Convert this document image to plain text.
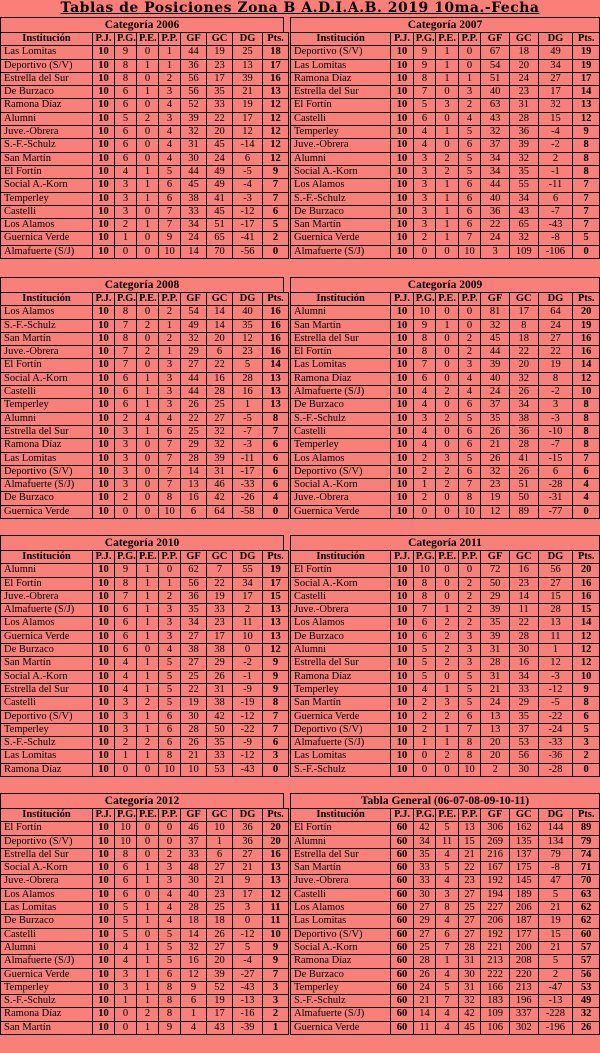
Tablas de Posiciones Zona B A.D.I.A.B. 2019 10ma.-Fecha
Categoría 2006
Institución	P.J.	P.G.	P.E.	P.P.	GF	GC	DG	Pts.
Las Lomitas	10	9	0	1	44	19	25	18
Deportivo (S/V)	10	8	1	1	36	23	13	17
Estrella del Sur	10	8	0	2	56	17	39	16
De Burzaco	10	6	1	3	56	35	21	13
Ramona Díaz	10	6	0	4	52	33	19	12
Alumni	10	5	2	3	39	22	17	12
Juve.-Obrera	10	6	0	4	32	20	12	12
S.-F.-Schulz	10	6	0	4	31	45	-14	12
San Martín	10	6	0	4	30	24	6	12
El Fortín	10	4	1	5	44	49	-5	9
Social A.-Korn	10	3	1	6	45	49	-4	7
Temperley	10	3	1	6	38	41	-3	7
Castelli	10	3	0	7	33	45	-12	6
Los Alamos	10	2	1	7	34	51	-17	5
Guernica Verde	10	1	0	9	24	65	-41	2
Almafuerte (S/J)	10	0	0	10	14	70	-56	0
Categoría 2007
Institución	P.J.	P.G.	P.E.	P.P.	GF	GC	DG	Pts.
Deportivo (S/V)	10	9	1	0	67	18	49	19
Las Lomitas	10	9	1	0	54	20	34	19
Ramona Díaz	10	8	1	1	51	24	27	17
Estrella del Sur	10	7	0	3	40	23	17	14
El Fortín	10	5	3	2	63	31	32	13
Castelli	10	6	0	4	43	28	15	12
Temperley	10	4	1	5	32	36	-4	9
Juve.-Obrera	10	4	0	6	37	39	-2	8
Alumni	10	3	2	5	34	32	2	8
Social A.-Korn	10	3	2	5	34	35	-1	8
Los Alamos	10	3	1	6	44	55	-11	7
S.-F.-Schulz	10	3	1	6	40	34	6	7
De Burzaco	10	3	1	6	36	43	-7	7
San Martín	10	3	1	6	22	65	-43	7
Guernica Verde	10	2	1	7	24	32	-8	5
Almafuerte (S/J)	10	0	0	10	3	109	-106	0
Categoría 2008
Institución	P.J.	P.G.	P.E.	P.P.	GF	GC	DG	Pts.
Los Alamos	10	8	0	2	54	14	40	16
S.-F.-Schulz	10	7	2	1	49	14	35	16
San Martín	10	8	0	2	32	20	12	16
Juve.-Obrera	10	7	2	1	29	6	23	16
El Fortín	10	7	0	3	27	22	5	14
Social A.-Korn	10	6	1	3	44	16	28	13
Castelli	10	6	1	3	44	28	16	13
Temperley	10	6	1	3	26	25	1	13
Alumni	10	2	4	4	22	27	-5	8
Estrella del Sur	10	3	1	6	25	32	-7	7
Ramona Díaz	10	3	0	7	29	32	-3	6
Las Lomitas	10	3	0	7	28	39	-11	6
Deportivo (S/V)	10	3	0	7	14	31	-17	6
Almafuerte (S/J)	10	3	0	7	13	46	-33	6
De Burzaco	10	2	0	8	16	42	-26	4
Guernica Verde	10	0	0	10	6	64	-58	0
Categoría 2009
Institución	P.J.	P.G.	P.E.	P.P.	GF	GC	DG	Pts.
Alumni	10	10	0	0	81	17	64	20
San Martín	10	9	1	0	32	8	24	19
Estrella del Sur	10	8	0	2	45	18	27	16
El Fortín	10	8	0	2	44	22	22	16
Las Lomitas	10	7	0	3	39	20	19	14
Ramona Díaz	10	6	0	4	40	32	8	12
Almafuerte (S/J)	10	4	2	4	24	26	-2	10
De Burzaco	10	4	0	6	37	34	3	8
S.-F.-Schulz	10	3	2	5	35	38	-3	8
Castelli	10	4	0	6	26	36	-10	8
Temperley	10	4	0	6	21	28	-7	8
Los Alamos	10	2	3	5	26	41	-15	7
Deportivo (S/V)	10	2	2	6	32	26	6	6
Social A.-Korn	10	1	2	7	23	51	-28	4
Juve.-Obrera	10	2	0	8	19	50	-31	4
Guernica Verde	10	0	0	10	12	89	-77	0
Categoría 2010
Institución	P.J.	P.G.	P.E.	P.P.	GF	GC	DG	Pts.
Alumni	10	9	1	0	62	7	55	19
El Fortín	10	8	1	1	56	22	34	17
Juve.-Obrera	10	7	1	2	36	19	17	15
Almafuerte (S/J)	10	6	1	3	35	33	2	13
Los Alamos	10	6	1	3	34	23	11	13
Guernica Verde	10	6	1	3	27	17	10	13
De Burzaco	10	6	0	4	38	38	0	12
San Martín	10	4	1	5	27	29	-2	9
Social A.-Korn	10	4	1	5	25	26	-1	9
Estrella del Sur	10	4	1	5	22	31	-9	9
Castelli	10	3	2	5	19	38	-19	8
Deportivo (S/V)	10	3	1	6	30	42	-12	7
Temperley	10	3	1	6	28	50	-22	7
S.-F.-Schulz	10	2	2	6	26	35	-9	6
Las Lomitas	10	1	1	8	21	33	-12	3
Ramona Díaz	10	0	0	10	10	53	-43	0
Categoría 2011
Institución	P.J.	P.G.	P.E.	P.P.	GF	GC	DG	Pts.
El Fortín	10	10	0	0	72	16	56	20
Social A.-Korn	10	8	0	2	50	23	27	16
Castelli	10	8	0	2	29	14	15	16
Juve.-Obrera	10	7	1	2	39	11	28	15
Los Alamos	10	6	2	2	35	22	13	14
De Burzaco	10	6	2	3	39	28	11	12
Alumni	10	5	2	3	31	30	1	12
Estrella del Sur	10	5	2	3	28	16	12	12
Ramona Díaz	10	5	0	5	31	34	-3	10
Temperley	10	4	1	5	21	33	-12	9
San Martín	10	2	3	5	24	29	-5	8
Guernica Verde	10	2	2	6	13	35	-22	6
Deportivo (S/V)	10	2	1	7	13	37	-24	5
Almafuerte (S/J)	10	1	1	8	20	53	-33	3
Las Lomitas	10	0	2	8	20	56	-36	2
S.-F.-Schulz	10	0	0	10	2	30	-28	0
Categoría 2012
Institución	P.J.	P.G.	P.E.	P.P.	GF	GC	DG	Pts.
El Fortín	10	10	0	0	46	10	36	20
Deportivo (S/V)	10	10	0	0	37	1	36	20
Estrella del Sur	10	8	0	2	33	6	27	16
Social A.-Korn	10	6	1	3	48	27	21	13
Juve.-Obrera	10	6	1	3	30	21	9	13
Los Alamos	10	6	0	4	40	23	17	12
Las Lomitas	10	5	1	4	28	25	3	11
De Burzaco	10	5	1	4	18	18	0	11
Castelli	10	5	0	5	14	26	-12	10
Alumni	10	4	1	5	32	27	5	9
Almafuerte (S/J)	10	4	1	5	16	20	-4	9
Guernica Verde	10	3	1	6	12	39	-27	7
Temperley	10	3	1	8	9	52	-43	3
S.-F.-Schulz	10	1	1	8	6	19	-13	3
Ramona Díaz	10	0	2	8	1	17	-16	2
San Martín	10	0	1	9	4	43	-39	1
Tabla General (06-07-08-09-10-11)
Institución	P.J.	P.G.	P.E.	P.P.	GF	GC	DG	Pts.
El Fortín	60	42	5	13	306	162	144	89
Alumni	60	34	11	15	269	135	134	79
Estrella del Sur	60	35	4	21	216	137	79	74
San Martín	60	33	5	22	167	175	-8	71
Juve.-Obrera	60	33	4	23	192	145	47	70
Castelli	60	30	3	27	194	189	5	63
Los Alamos	60	27	8	25	227	206	21	62
Las Lomitas	60	29	4	27	206	187	19	62
Deportivo (S/V)	60	27	6	27	192	177	15	60
Social A.-Korn	60	25	7	28	221	200	21	57
Ramona Díaz	60	28	1	31	213	208	5	57
De Burzaco	60	26	4	30	222	220	2	56
Temperley	60	24	5	31	166	213	-47	53
S.-F.-Schulz	60	21	7	32	183	196	-13	49
Almafuerte (S/J)	60	14	4	42	109	337	-228	32
Guernica Verde	60	11	4	45	106	302	-196	26
